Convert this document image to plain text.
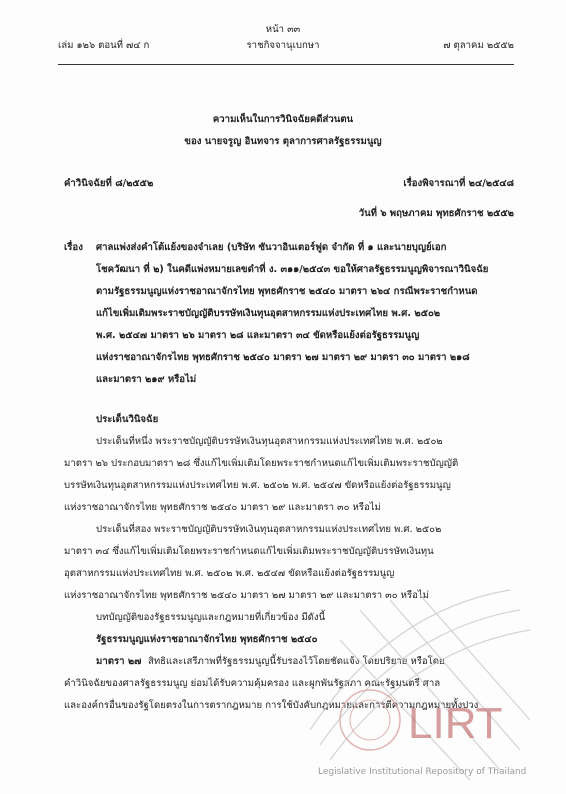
หน้า ๓๓
เล่ม ๑๒๖ ตอนที่ ๗๔ ก	ราชกิจจานุเบกษา	๗ ตุลาคม ๒๕๕๒
ความเห็นในการวินิจฉัยคดีส่วนตน
ของ นายจรูญ อินทจาร ตุลาการศาลรัฐธรรมนูญ
คำวินิจฉัยที่ ๘/๒๕๕๒	เรื่องพิจารณาที่ ๒๔/๒๕๔๘
วันที่ ๖ พฤษภาคม พุทธศักราช ๒๕๕๒
เรื่อง ศาลแพ่งส่งคำโต้แย้งของจำเลย (บริษัท ซันวาอินเตอร์ฟูด จำกัด ที่ ๑ และนายบุญย์เอก
โชควัฒนา ที่ ๒) ในคดีแพ่งหมายเลขดำที่ ง. ๓๑๑/๒๕๔๓ ขอให้ศาลรัฐธรรมนูญพิจารณาวินิจฉัย
ตามรัฐธรรมนูญแห่งราชอาณาจักรไทย พุทธศักราช ๒๕๔๐ มาตรา ๒๖๔ กรณีพระราชกำหนด
แก้ไขเพิ่มเติมพระราชบัญญัติบรรษัทเงินทุนอุตสาหกรรมแห่งประเทศไทย พ.ศ. ๒๕๐๒
พ.ศ. ๒๕๔๗ มาตรา ๒๖ มาตรา ๒๘ และมาตรา ๓๔ ขัดหรือแย้งต่อรัฐธรรมนูญ
แห่งราชอาณาจักรไทย พุทธศักราช ๒๕๔๐ มาตรา ๒๗ มาตรา ๒๙ มาตรา ๓๐ มาตรา ๒๑๘
และมาตรา ๒๑๙ หรือไม่
ประเด็นวินิจฉัย
ประเด็นที่หนึ่ง พระราชบัญญัติบรรษัทเงินทุนอุตสาหกรรมแห่งประเทศไทย พ.ศ. ๒๕๐๒
มาตรา ๒๖ ประกอบมาตรา ๒๘ ซึ่งแก้ไขเพิ่มเติมโดยพระราชกำหนดแก้ไขเพิ่มเติมพระราชบัญญัติ
บรรษัทเงินทุนอุตสาหกรรมแห่งประเทศไทย พ.ศ. ๒๕๐๒ พ.ศ. ๒๕๔๗ ขัดหรือแย้งต่อรัฐธรรมนูญ
แห่งราชอาณาจักรไทย พุทธศักราช ๒๕๔๐ มาตรา ๒๙ และมาตรา ๓๐ หรือไม่
ประเด็นที่สอง พระราชบัญญัติบรรษัทเงินทุนอุตสาหกรรมแห่งประเทศไทย พ.ศ. ๒๕๐๒
มาตรา ๓๔ ซึ่งแก้ไขเพิ่มเติมโดยพระราชกำหนดแก้ไขเพิ่มเติมพระราชบัญญัติบรรษัทเงินทุน
อุตสาหกรรมแห่งประเทศไทย พ.ศ. ๒๕๐๒ พ.ศ. ๒๕๔๗ ขัดหรือแย้งต่อรัฐธรรมนูญ
แห่งราชอาณาจักรไทย พุทธศักราช ๒๕๔๐ มาตรา ๒๗ มาตรา ๒๙ และมาตรา ๓๐ หรือไม่
บทบัญญัติของรัฐธรรมนูญและกฎหมายที่เกี่ยวข้อง มีดังนี้
รัฐธรรมนูญแห่งราชอาณาจักรไทย พุทธศักราช ๒๕๔๐
มาตรา ๒๗ สิทธิและเสรีภาพที่รัฐธรรมนูญนี้รับรองไว้โดยชัดแจ้ง โดยปริยาย หรือโดย
คำวินิจฉัยของศาลรัฐธรรมนูญ ย่อมได้รับความคุ้มครอง และผูกพันรัฐสภา คณะรัฐมนตรี ศาล
และองค์กรอื่นของรัฐโดยตรงในการตรากฎหมาย การใช้บังคับกฎหมายและการตีความกฎหมายทั้งปวง
LIRT
Legislative Institutional Repository of Thailand
